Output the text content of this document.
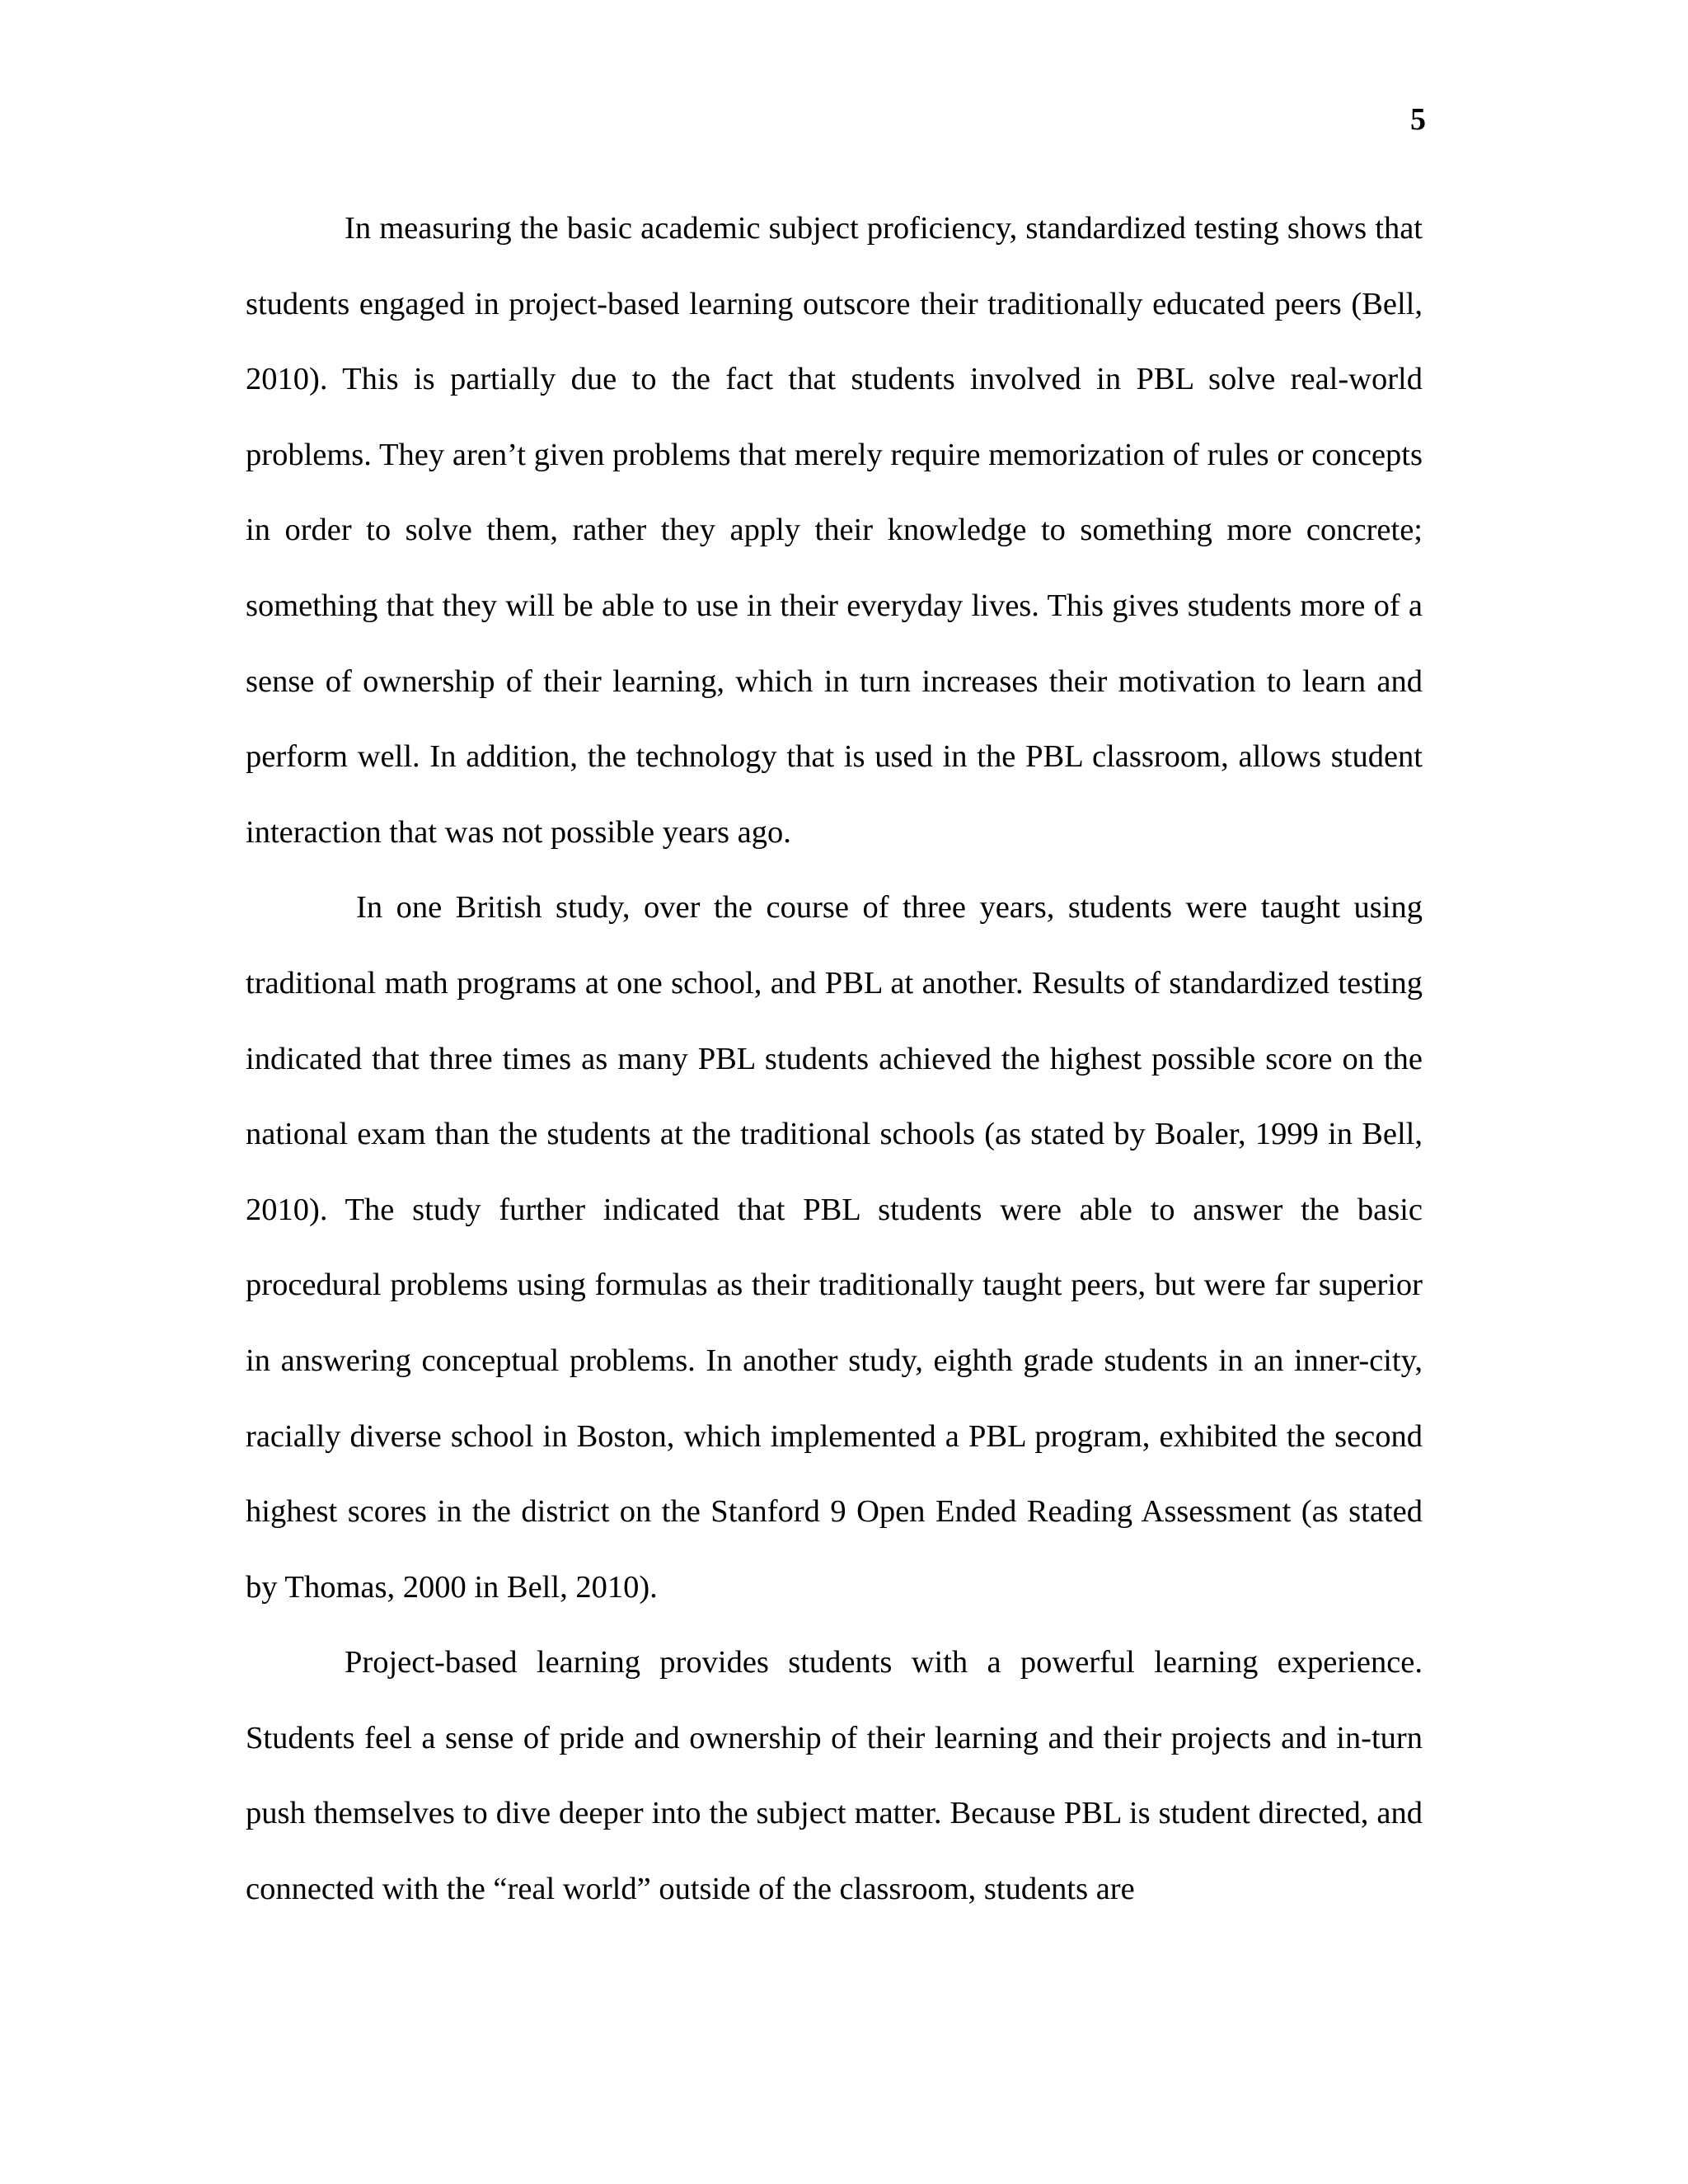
5

In measuring the basic academic subject proficiency, standardized testing shows that students engaged in project-based learning outscore their traditionally educated peers (Bell, 2010). This is partially due to the fact that students involved in PBL solve real-world problems. They aren’t given problems that merely require memorization of rules or concepts in order to solve them, rather they apply their knowledge to something more concrete; something that they will be able to use in their everyday lives. This gives students more of a sense of ownership of their learning, which in turn increases their motivation to learn and perform well. In addition, the technology that is used in the PBL classroom, allows student interaction that was not possible years ago.

In one British study, over the course of three years, students were taught using traditional math programs at one school, and PBL at another. Results of standardized testing indicated that three times as many PBL students achieved the highest possible score on the national exam than the students at the traditional schools (as stated by Boaler, 1999 in Bell, 2010). The study further indicated that PBL students were able to answer the basic procedural problems using formulas as their traditionally taught peers, but were far superior in answering conceptual problems. In another study, eighth grade students in an inner-city, racially diverse school in Boston, which implemented a PBL program, exhibited the second highest scores in the district on the Stanford 9 Open Ended Reading Assessment (as stated by Thomas, 2000 in Bell, 2010).

Project-based learning provides students with a powerful learning experience. Students feel a sense of pride and ownership of their learning and their projects and in-turn push themselves to dive deeper into the subject matter. Because PBL is student directed, and connected with the “real world” outside of the classroom, students are
